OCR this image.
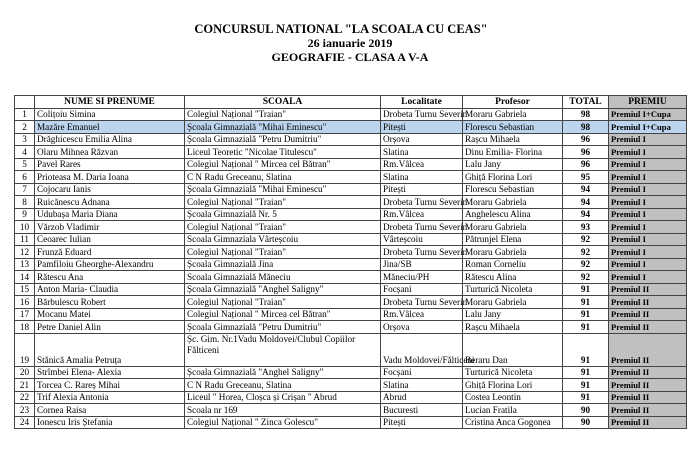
CONCURSUL NATIONAL "LA SCOALA CU CEAS"
26 ianuarie 2019
GEOGRAFIE - CLASA A V-A
	NUME SI PRENUME	SCOALA	Localitate	Profesor	TOTAL	PREMIU
1	Colițoiu Simina	Colegiul Național "Traian"	Drobeta Turnu Severin	Moraru Gabriela	98	Premiul I+Cupa
2	Mazăre Emanuel	Școala Gimnazială "Mihai Eminescu"	Pitești	Florescu Sebastian	98	Premiul I+Cupa
3	Drăghicescu Emilia Alina	Școala Gimnazială "Petru Dumitriu"	Orșova	Rașcu Mihaela	96	Premiul I
4	Olaru Mihnea Răzvan	Liceul Teoretic "Nicolae Titulescu"	Slatina	Dinu Emilia- Florina	96	Premiul I
5	Pavel Rares	Colegiul Național " Mircea cel Bătran"	Rm.Vâlcea	Lalu Jany	96	Premiul I
6	Prioteasa M. Daria Ioana	C N Radu Greceanu, Slatina	Slatina	Ghiță Florina Lori	95	Premiul I
7	Cojocaru Ianis	Școala Gimnazială "Mihai Eminescu"	Pitești	Florescu Sebastian	94	Premiul I
8	Ruicănescu Adnana	Colegiul Național "Traian"	Drobeta Turnu Severin	Moraru Gabriela	94	Premiul I
9	Udubașa Maria Diana	Școala Gimnazială Nr. 5	Rm.Vâlcea	Anghelescu Alina	94	Premiul I
10	Vărzob Vladimir	Colegiul Național "Traian"	Drobeta Turnu Severin	Moraru Gabriela	93	Premiul I
11	Ceoarec Iulian	Scoala Gimnaziala Vârteșcoiu	Vârteșcoiu	Pătrunjel Elena	92	Premiul I
12	Frunză Eduard	Colegiul Național "Traian"	Drobeta Turnu Severin	Moraru Gabriela	92	Premiul I
13	Pamfiloiu Gheorghe-Alexandru	Școala Gimnazială Jina	Jina/SB	Roman Corneliu	92	Premiul I
14	Rătescu Ana	Scoala Gimnazială Măneciu	Măneciu/PH	Rătescu Alina	92	Premiul I
15	Anton Maria- Claudia	Școala Gimnazială "Anghel Saligny"	Focșani	Turturică Nicoleta	91	Premiul II
16	Bărbulescu Robert	Colegiul Național "Traian"	Drobeta Turnu Severin	Moraru Gabriela	91	Premiul II
17	Mocanu Matei	Colegiul Național " Mircea cel Bătran"	Rm.Vâlcea	Lalu Jany	91	Premiul II
18	Petre Daniel Alin	Școala Gimnazială "Petru Dumitriu"	Orșova	Rașcu Mihaela	91	Premiul II
19	Stănică Amalia Petruța	Șc. Gim. Nr.1Vadu Moldovei/Clubul Copiilor Fălticeni	Vadu Moldovei/Fălticeni	Beraru Dan	91	Premiul II
20	Strîmbei Elena- Alexia	Școala Gimnazială "Anghel Saligny"	Focșani	Turturică Nicoleta	91	Premiul II
21	Torcea C. Rareș Mihai	C N Radu Greceanu, Slatina	Slatina	Ghiță Florina Lori	91	Premiul II
22	Trif Alexia Antonia	Liceul " Horea, Cloșca și Crișan " Abrud	Abrud	Costea Leontin	91	Premiul II
23	Cornea Raisa	Scoala nr 169	Bucuresti	Lucian Fratila	90	Premiul II
24	Ionescu Iris Ștefania	Colegiul Național " Zinca Golescu"	Pitești	Cristina Anca Gogonea	90	Premiul II
